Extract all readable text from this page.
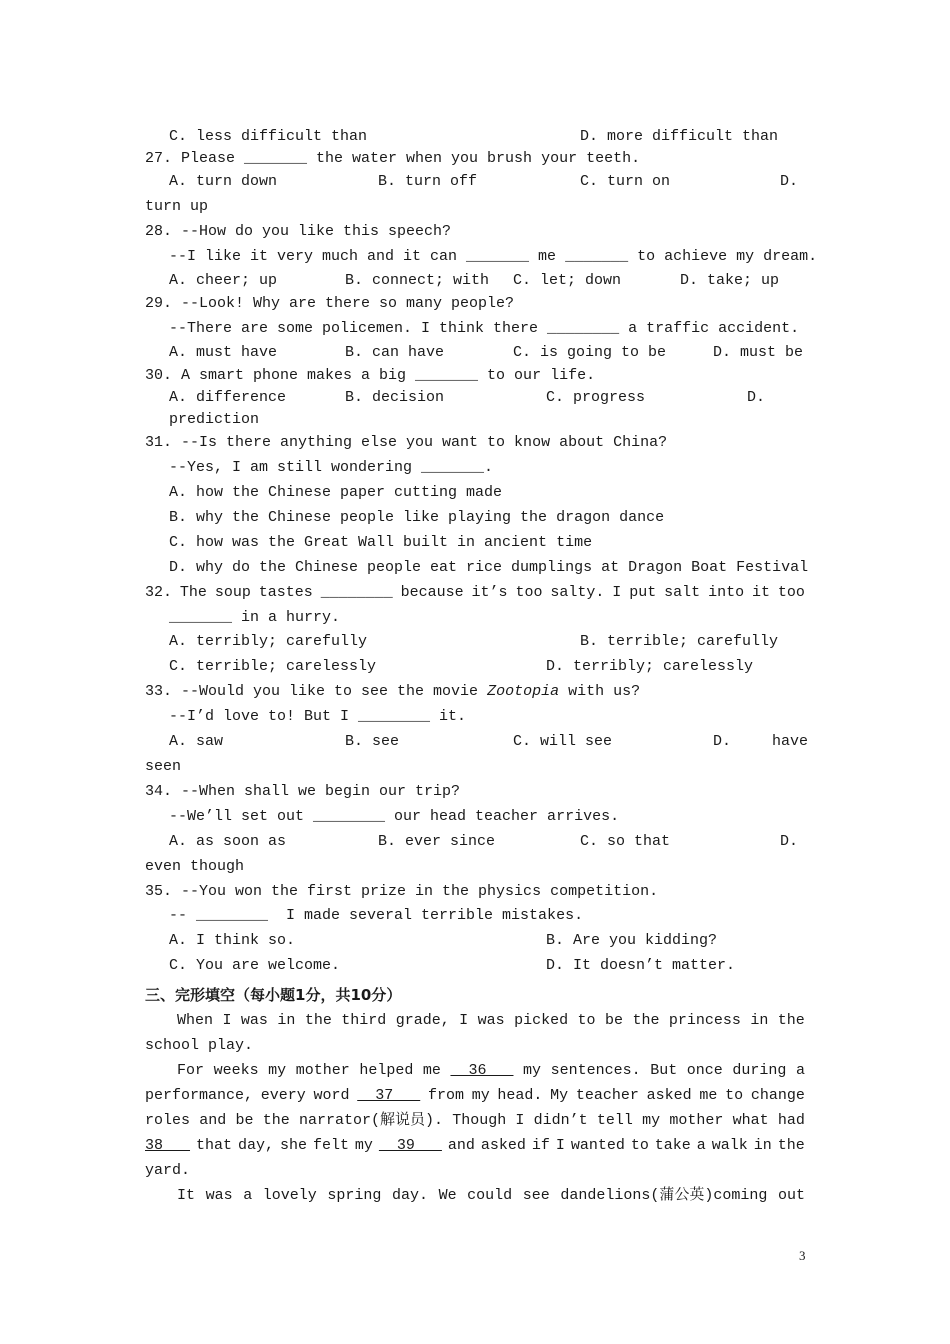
C. less difficult than	D. more difficult than
27. Please _______ the water when you brush your teeth.
A. turn down	B. turn off	C. turn on	D.
turn up
28. --How do you like this speech?
--I like it very much and it can _______ me _______ to achieve my dream.
A. cheer; up	B. connect; with C. let; down	D. take; up
29. --Look! Why are there so many people?
--There are some policemen. I think there ________ a traffic accident.
A. must have	B. can have	C. is going to be	D. must be
30. A smart phone makes a big _______ to our life.
A. difference	B. decision	C. progress	D.
prediction
31. --Is there anything else you want to know about China?
--Yes, I am still wondering _______.
A. how the Chinese paper cutting made
B. why the Chinese people like playing the dragon dance
C. how was the Great Wall built in ancient time
D. why do the Chinese people eat rice dumplings at Dragon Boat Festival
32. The soup tastes ________ because it’s too salty. I put salt into it too
_______ in a hurry.
A. terribly; carefully	B. terrible; carefully
C. terrible; carelessly	D. terribly; carelessly
33. --Would you like to see the movie Zootopia with us?
--I’d love to! But I ________ it.
A. saw	B. see	C. will see	D.	have
seen
34. --When shall we begin our trip?
--We’ll set out ________ our head teacher arrives.
A. as soon as	B. ever since	C. so that	D.
even though
35. --You won the first prize in the physics competition.
-- ________  I made several terrible mistakes.
A. I think so.	B. Are you kidding?
C. You are welcome.	D. It doesn’t matter.
三、完形填空（每小题1分，共10分）
When I was in the third grade, I was picked to be the princess in the
school play.
For weeks my mother helped me 36 my sentences. But once during a
performance, every word 37 from my head. My teacher asked me to change
roles and be the narrator(解说员). Though I didn’t tell my mother what had
38 that day, she felt my 39 and asked if I wanted to take a walk in the
yard.
It was a lovely spring day. We could see dandelions(蒲公英)coming out
3
